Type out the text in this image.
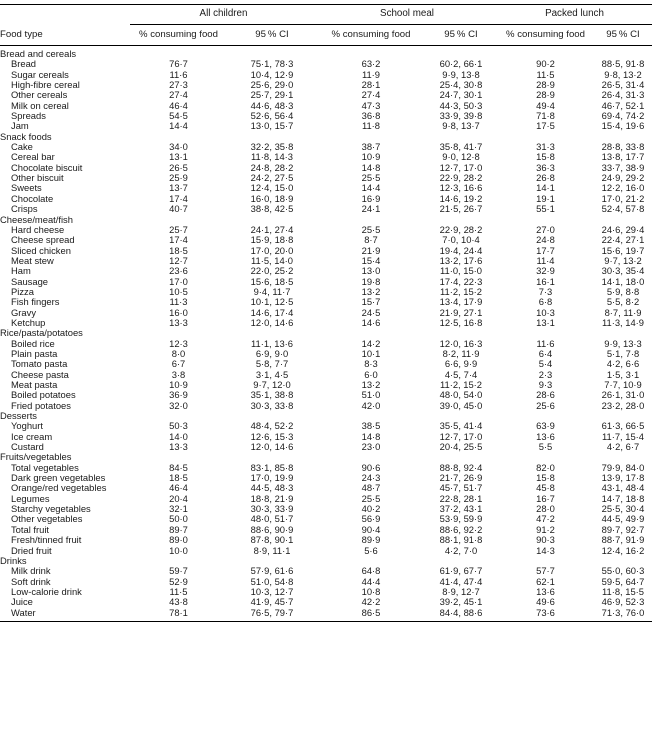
	All children		School meal		Packed lunch	
Food type	% consuming food	95 % CI	% consuming food	95 % CI	% consuming food	95 % CI

Bread and cereals						
Bread	76·7	75·1, 78·3	63·2	60·2, 66·1	90·2	88·5, 91·8
Sugar cereals	11·6	10·4, 12·9	11·9	9·9, 13·8	11·5	9·8, 13·2
High-fibre cereal	27·3	25·6, 29·0	28·1	25·4, 30·8	28·9	26·5, 31·4
Other cereals	27·4	25·7, 29·1	27·4	24·7, 30·1	28·9	26·4, 31·3
Milk on cereal	46·4	44·6, 48·3	47·3	44·3, 50·3	49·4	46·7, 52·1
Spreads	54·5	52·6, 56·4	36·8	33·9, 39·8	71·8	69·4, 74·2
Jam	14·4	13·0, 15·7	11·8	9·8, 13·7	17·5	15·4, 19·6
Snack foods						
Cake	34·0	32·2, 35·8	38·7	35·8, 41·7	31·3	28·8, 33·8
Cereal bar	13·1	11·8, 14·3	10·9	9·0, 12·8	15·8	13·8, 17·7
Chocolate biscuit	26·5	24·8, 28·2	14·8	12·7, 17·0	36·3	33·7, 38·9
Other biscuit	25·9	24·2, 27·5	25·5	22·9, 28·2	26·8	24·9, 29·2
Sweets	13·7	12·4, 15·0	14·4	12·3, 16·6	14·1	12·2, 16·0
Chocolate	17·4	16·0, 18·9	16·9	14·6, 19·2	19·1	17·0, 21·2
Crisps	40·7	38·8, 42·5	24·1	21·5, 26·7	55·1	52·4, 57·8
Cheese/meat/fish						
Hard cheese	25·7	24·1, 27·4	25·5	22·9, 28·2	27·0	24·6, 29·4
Cheese spread	17·4	15·9, 18·8	8·7	7·0, 10·4	24·8	22·4, 27·1
Sliced chicken	18·5	17·0, 20·0	21·9	19·4, 24·4	17·7	15·6, 19·7
Meat stew	12·7	11·5, 14·0	15·4	13·2, 17·6	11·4	9·7, 13·2
Ham	23·6	22·0, 25·2	13·0	11·0, 15·0	32·9	30·3, 35·4
Sausage	17·0	15·6, 18·5	19·8	17·4, 22·3	16·1	14·1, 18·0
Pizza	10·5	9·4, 11·7	13·2	11·2, 15·2	7·3	5·9, 8·8
Fish fingers	11·3	10·1, 12·5	15·7	13·4, 17·9	6·8	5·5, 8·2
Gravy	16·0	14·6, 17·4	24·5	21·9, 27·1	10·3	8·7, 11·9
Ketchup	13·3	12·0, 14·6	14·6	12·5, 16·8	13·1	11·3, 14·9
Rice/pasta/potatoes						
Boiled rice	12·3	11·1, 13·6	14·2	12·0, 16·3	11·6	9·9, 13·3
Plain pasta	8·0	6·9, 9·0	10·1	8·2, 11·9	6·4	5·1, 7·8
Tomato pasta	6·7	5·8, 7·7	8·3	6·6, 9·9	5·4	4·2, 6·6
Cheese pasta	3·8	3·1, 4·5	6·0	4·5, 7·4	2·3	1·5, 3·1
Meat pasta	10·9	9·7, 12·0	13·2	11·2, 15·2	9·3	7·7, 10·9
Boiled potatoes	36·9	35·1, 38·8	51·0	48·0, 54·0	28·6	26·1, 31·0
Fried potatoes	32·0	30·3, 33·8	42·0	39·0, 45·0	25·6	23·2, 28·0
Desserts						
Yoghurt	50·3	48·4, 52·2	38·5	35·5, 41·4	63·9	61·3, 66·5
Ice cream	14·0	12·6, 15·3	14·8	12·7, 17·0	13·6	11·7, 15·4
Custard	13·3	12·0, 14·6	23·0	20·4, 25·5	5·5	4·2, 6·7
Fruits/vegetables						
Total vegetables	84·5	83·1, 85·8	90·6	88·8, 92·4	82·0	79·9, 84·0
Dark green vegetables	18·5	17·0, 19·9	24·3	21·7, 26·9	15·8	13·9, 17·8
Orange/red vegetables	46·4	44·5, 48·3	48·7	45·7, 51·7	45·8	43·1, 48·4
Legumes	20·4	18·8, 21·9	25·5	22·8, 28·1	16·7	14·7, 18·8
Starchy vegetables	32·1	30·3, 33·9	40·2	37·2, 43·1	28·0	25·5, 30·4
Other vegetables	50·0	48·0, 51·7	56·9	53·9, 59·9	47·2	44·5, 49·9
Total fruit	89·7	88·6, 90·9	90·4	88·6, 92·2	91·2	89·7, 92·7
Fresh/tinned fruit	89·0	87·8, 90·1	89·9	88·1, 91·8	90·3	88·7, 91·9
Dried fruit	10·0	8·9, 11·1	5·6	4·2, 7·0	14·3	12·4, 16·2
Drinks						
Milk drink	59·7	57·9, 61·6	64·8	61·9, 67·7	57·7	55·0, 60·3
Soft drink	52·9	51·0, 54·8	44·4	41·4, 47·4	62·1	59·5, 64·7
Low-calorie drink	11·5	10·3, 12·7	10·8	8·9, 12·7	13·6	11·8, 15·5
Juice	43·8	41·9, 45·7	42·2	39·2, 45·1	49·6	46·9, 52·3
Water	78·1	76·5, 79·7	86·5	84·4, 88·6	73·6	71·3, 76·0
